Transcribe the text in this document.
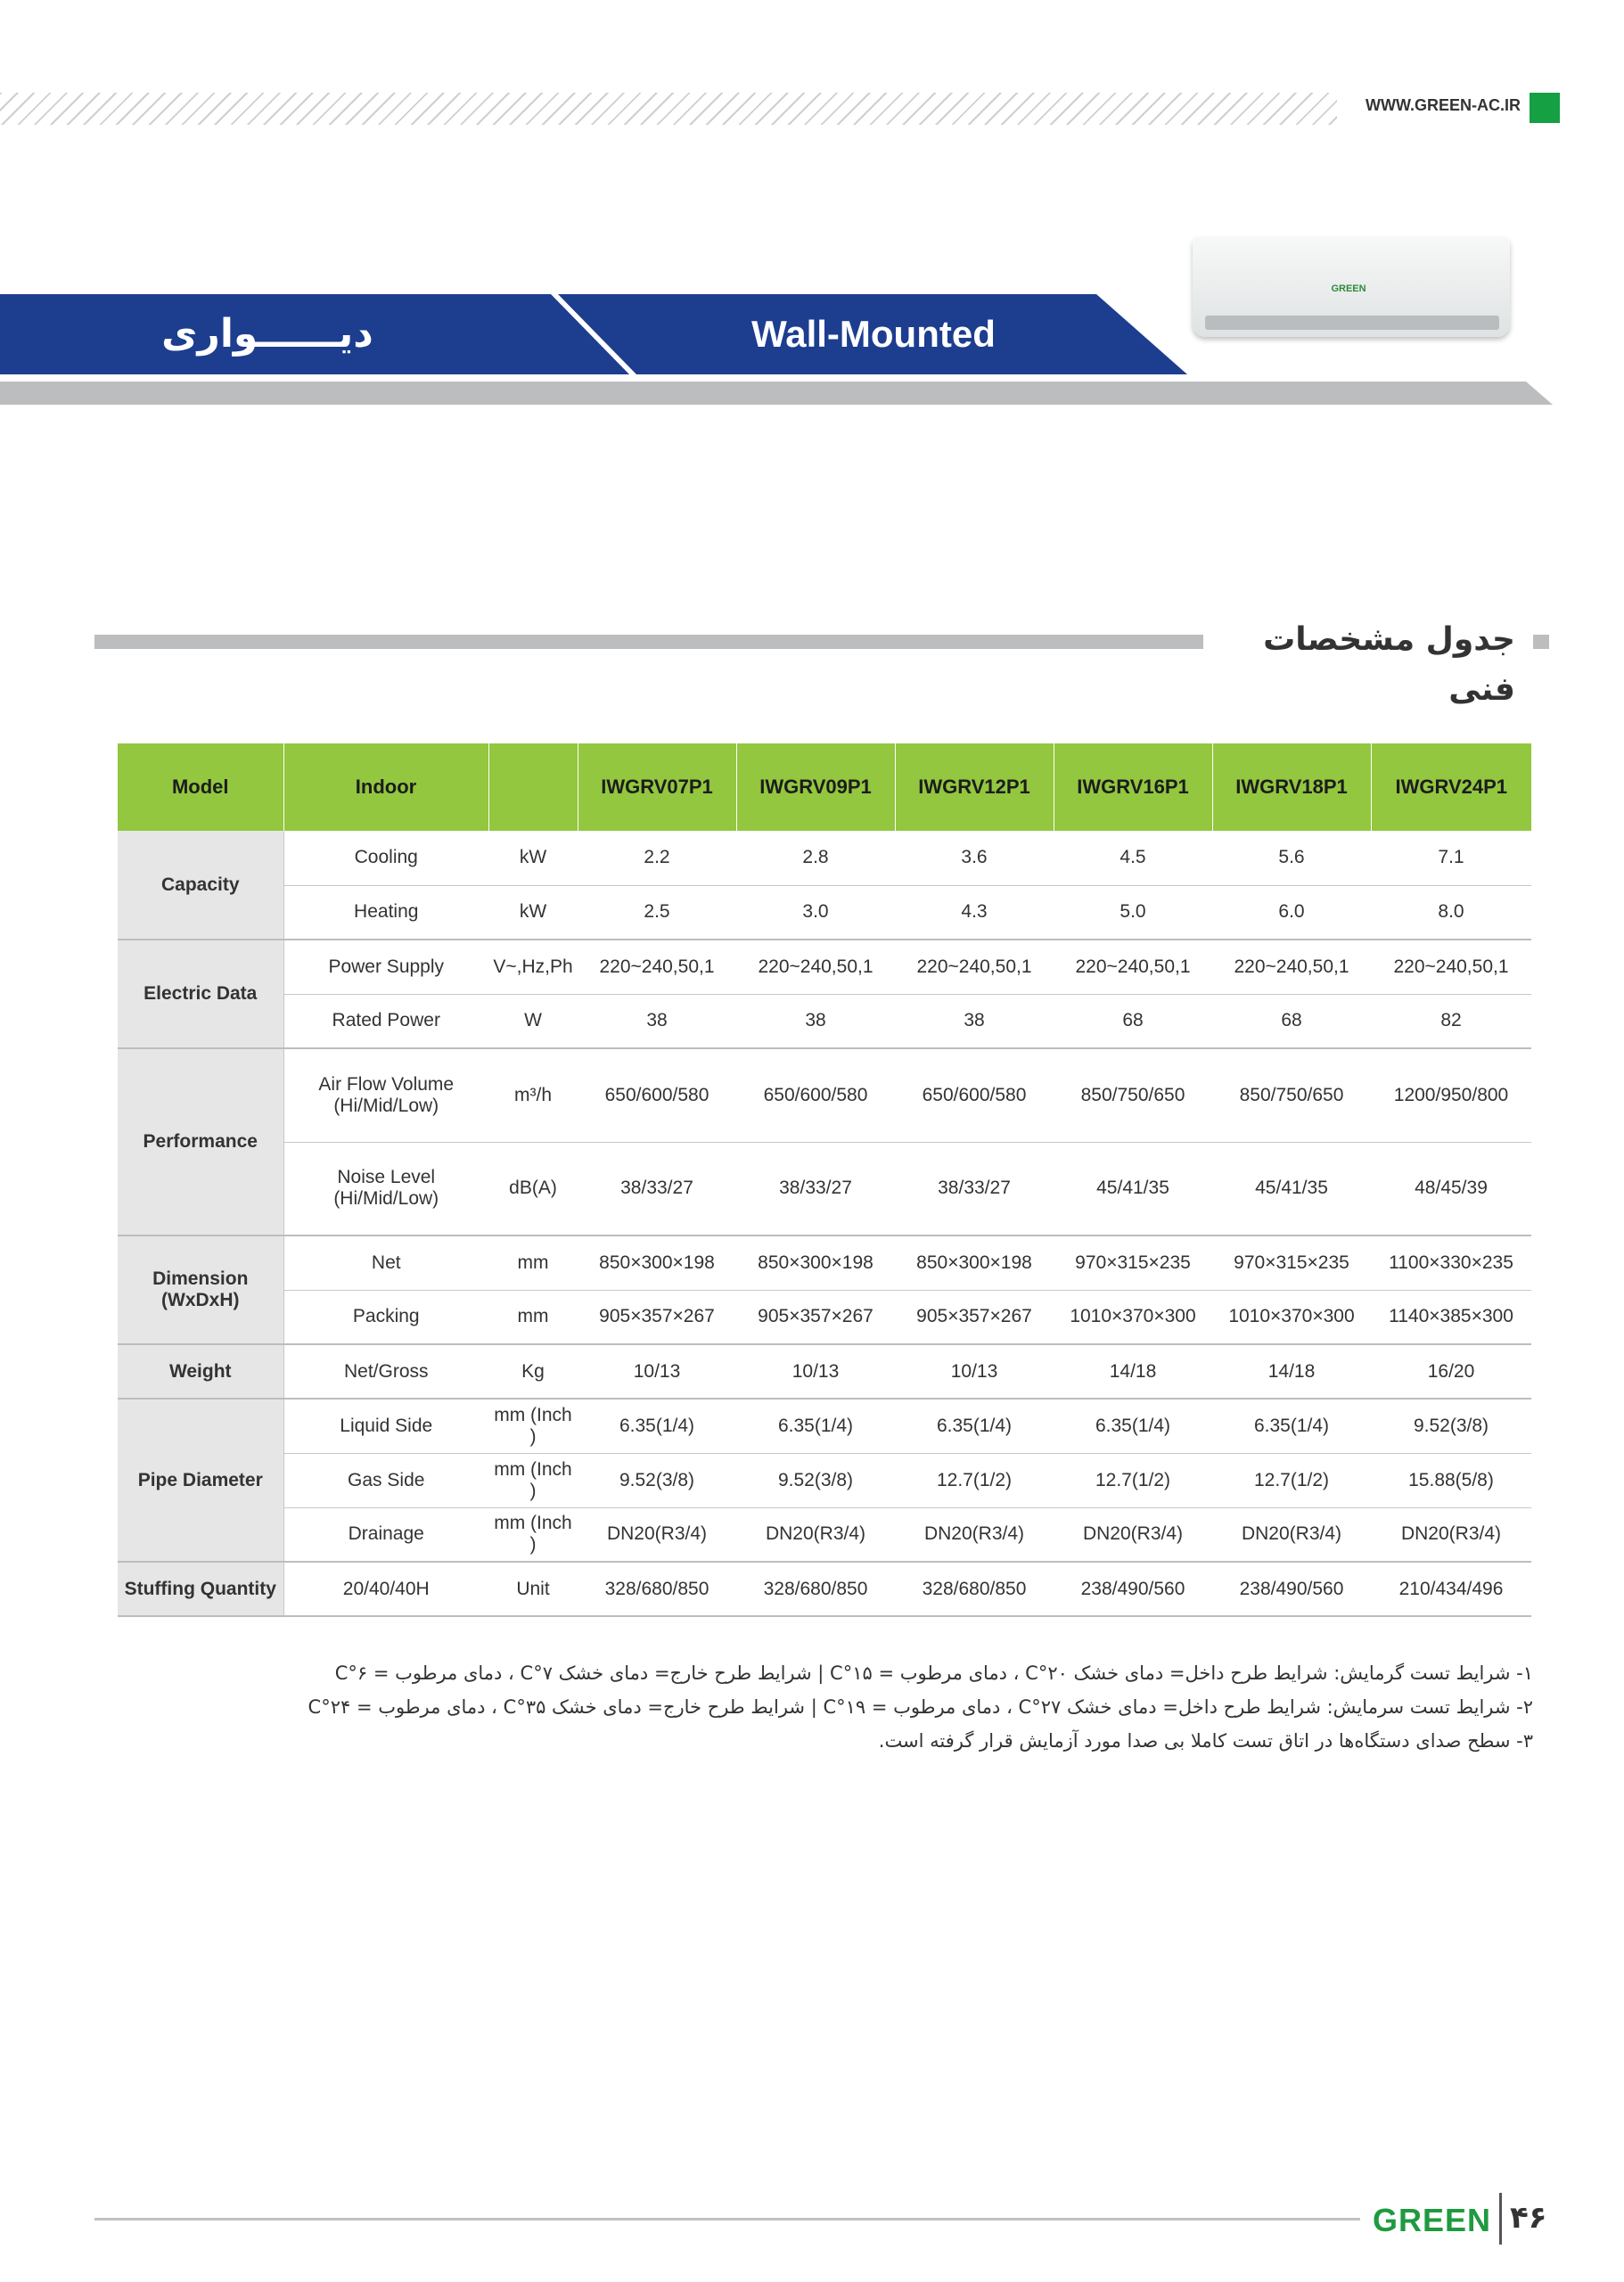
WWW.GREEN-AC.IR
GREEN
دیــــــواری	Wall-Mounted
جدول مشخصات فنی
Model	Indoor		IWGRV07P1	IWGRV09P1	IWGRV12P1	IWGRV16P1	IWGRV18P1	IWGRV24P1
Capacity	Cooling	kW	2.2	2.8	3.6	4.5	5.6	7.1
	Heating	kW	2.5	3.0	4.3	5.0	6.0	8.0
Electric Data	Power Supply	V~,Hz,Ph	220~240,50,1	220~240,50,1	220~240,50,1	220~240,50,1	220~240,50,1	220~240,50,1
	Rated Power	W	38	38	38	68	68	82
Performance	Air Flow Volume (Hi/Mid/Low)	m³/h	650/600/580	650/600/580	650/600/580	850/750/650	850/750/650	1200/950/800
	Noise Level (Hi/Mid/Low)	dB(A)	38/33/27	38/33/27	38/33/27	45/41/35	45/41/35	48/45/39
Dimension (WxDxH)	Net	mm	850×300×198	850×300×198	850×300×198	970×315×235	970×315×235	1100×330×235
	Packing	mm	905×357×267	905×357×267	905×357×267	1010×370×300	1010×370×300	1140×385×300
Weight	Net/Gross	Kg	10/13	10/13	10/13	14/18	14/18	16/20
Pipe Diameter	Liquid Side	mm (Inch )	6.35(1/4)	6.35(1/4)	6.35(1/4)	6.35(1/4)	6.35(1/4)	9.52(3/8)
	Gas Side	mm (Inch )	9.52(3/8)	9.52(3/8)	12.7(1/2)	12.7(1/2)	12.7(1/2)	15.88(5/8)
	Drainage	mm (Inch )	DN20(R3/4)	DN20(R3/4)	DN20(R3/4)	DN20(R3/4)	DN20(R3/4)	DN20(R3/4)
Stuffing Quantity	20/40/40H	Unit	328/680/850	328/680/850	328/680/850	238/490/560	238/490/560	210/434/496
۱- شرایط تست گرمایش: شرایط طرح داخل= دمای خشک ۲۰°C ، دمای مرطوب = ۱۵°C | شرایط طرح خارج= دمای خشک ۷°C ، دمای مرطوب = ۶°C
۲- شرایط تست سرمایش: شرایط طرح داخل= دمای خشک ۲۷°C ، دمای مرطوب = ۱۹°C | شرایط طرح خارج= دمای خشک ۳۵°C ، دمای مرطوب = ۲۴°C
۳- سطح صدای دستگاه‌ها در اتاق تست کاملا بی صدا مورد آزمایش قرار گرفته است.
GREEN ۴۶
